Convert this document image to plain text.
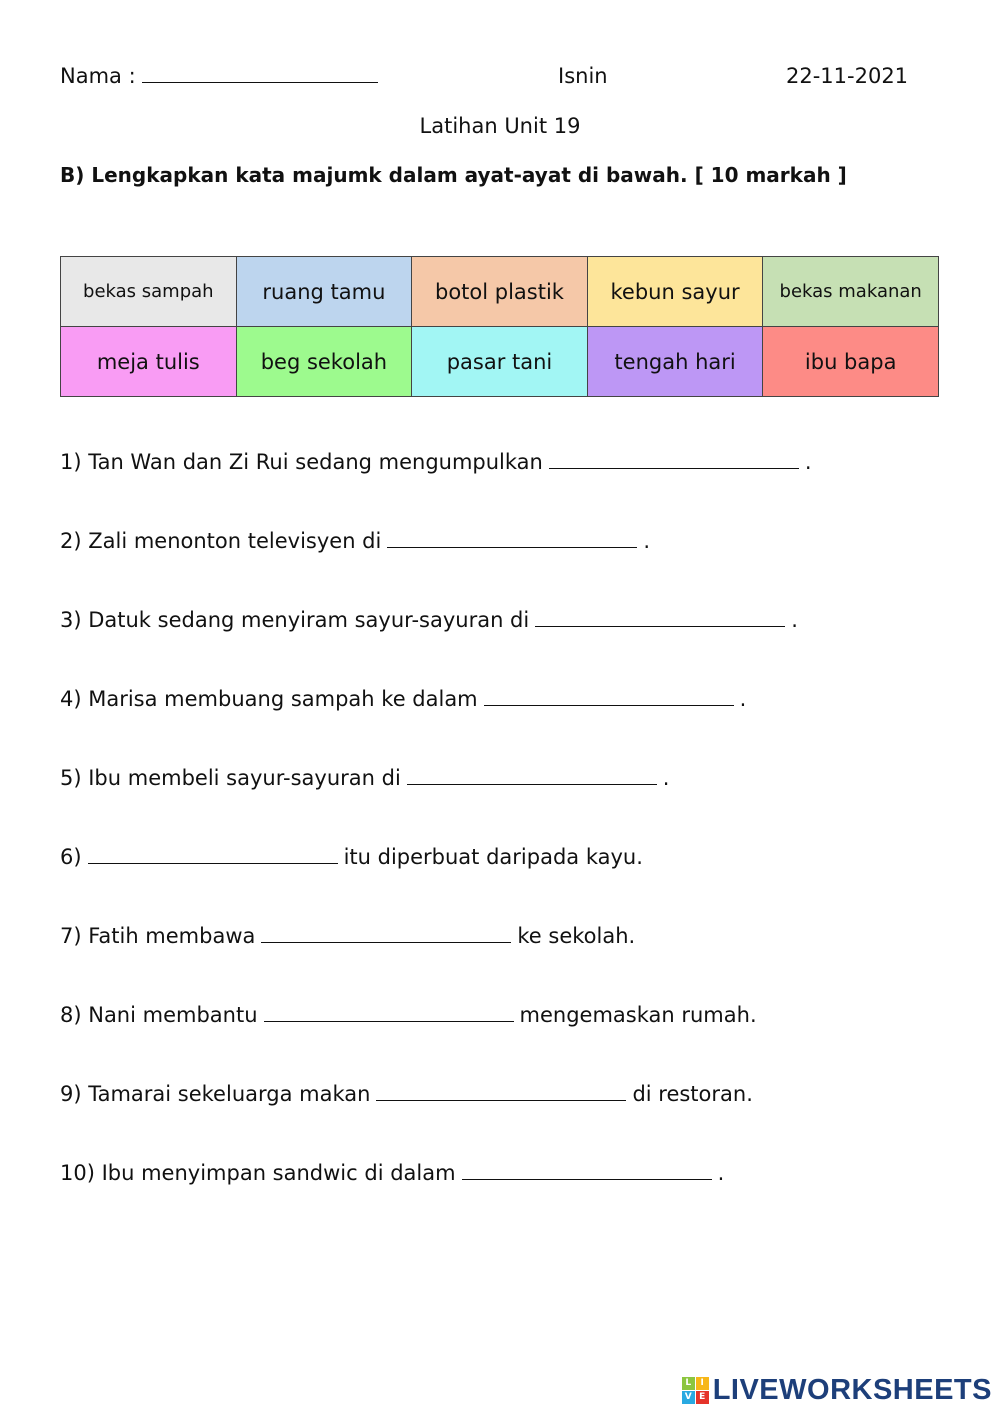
Nama :	Isnin	22-11-2021
Latihan Unit 19
B) Lengkapkan kata majumk dalam ayat-ayat di bawah. [ 10 markah ]
bekas sampah	ruang tamu	botol plastik	kebun sayur	bekas makanan
meja tulis	beg sekolah	pasar tani	tengah hari	ibu bapa
1) Tan Wan dan Zi Rui sedang mengumpulkan	.
2) Zali menonton televisyen di	.
3) Datuk sedang menyiram sayur-sayuran di	.
4) Marisa membuang sampah ke dalam	.
5) Ibu membeli sayur-sayuran di	.
6)	itu diperbuat daripada kayu.
7) Fatih membawa	ke sekolah.
8) Nani membantu	mengemaskan rumah.
9) Tamarai sekeluarga makan	di restoran.
10) Ibu menyimpan sandwic di dalam	.
L	I
V E LIVEWORKSHEETS
